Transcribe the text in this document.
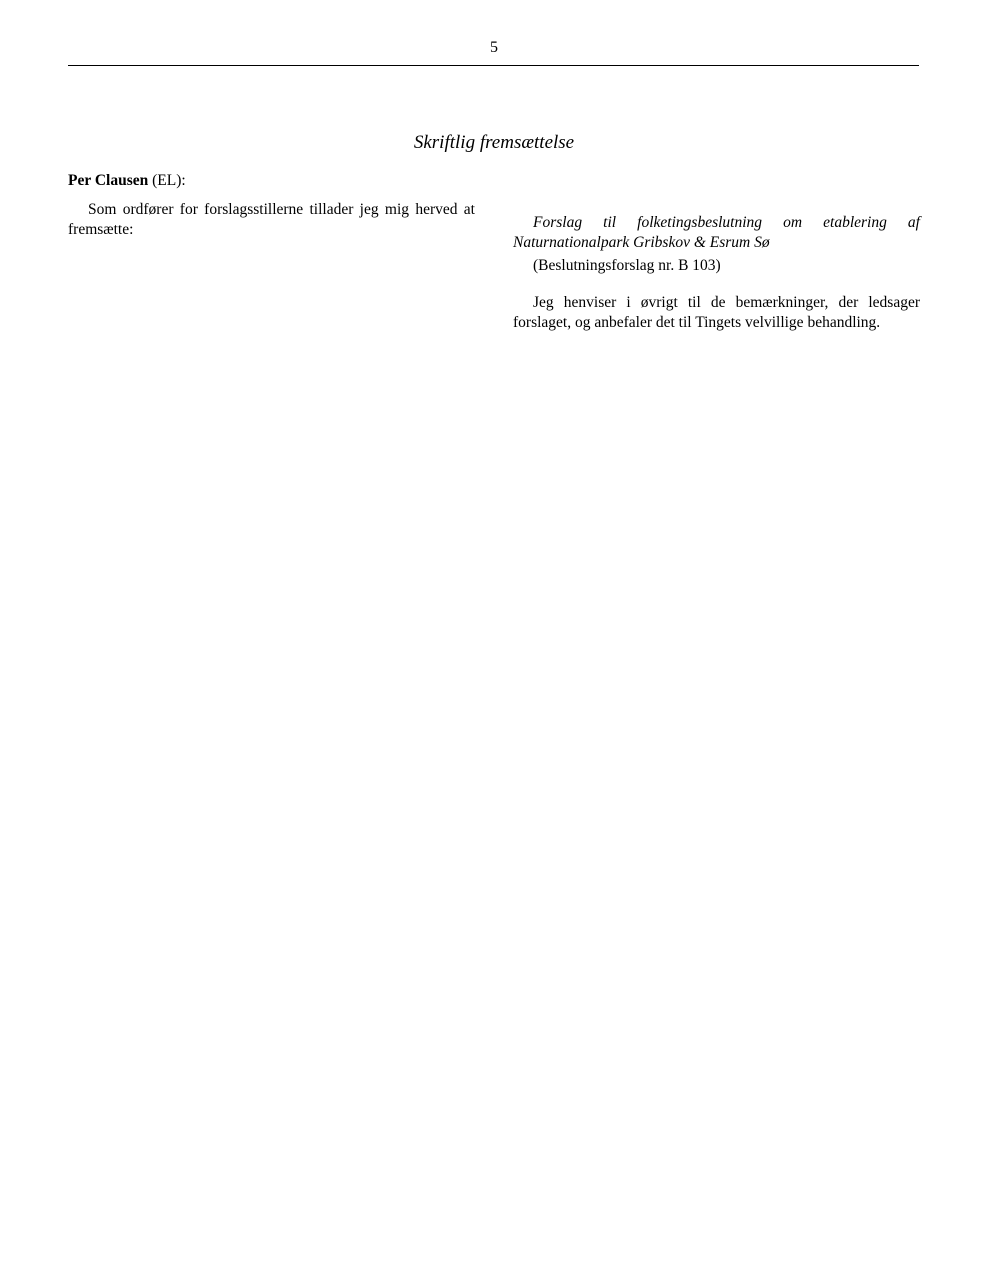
5
Skriftlig fremsættelse

Per Clausen (EL):

Som ordfører for forslagsstillerne tillader jeg mig herved at fremsætte:	Forslag til folketingsbeslutning om etablering af Naturnationalpark Gribskov & Esrum Sø

(Beslutningsforslag nr. B 103)

Jeg henviser i øvrigt til de bemærkninger, der ledsager forslaget, og anbefaler det til Tingets velvillige behandling.
